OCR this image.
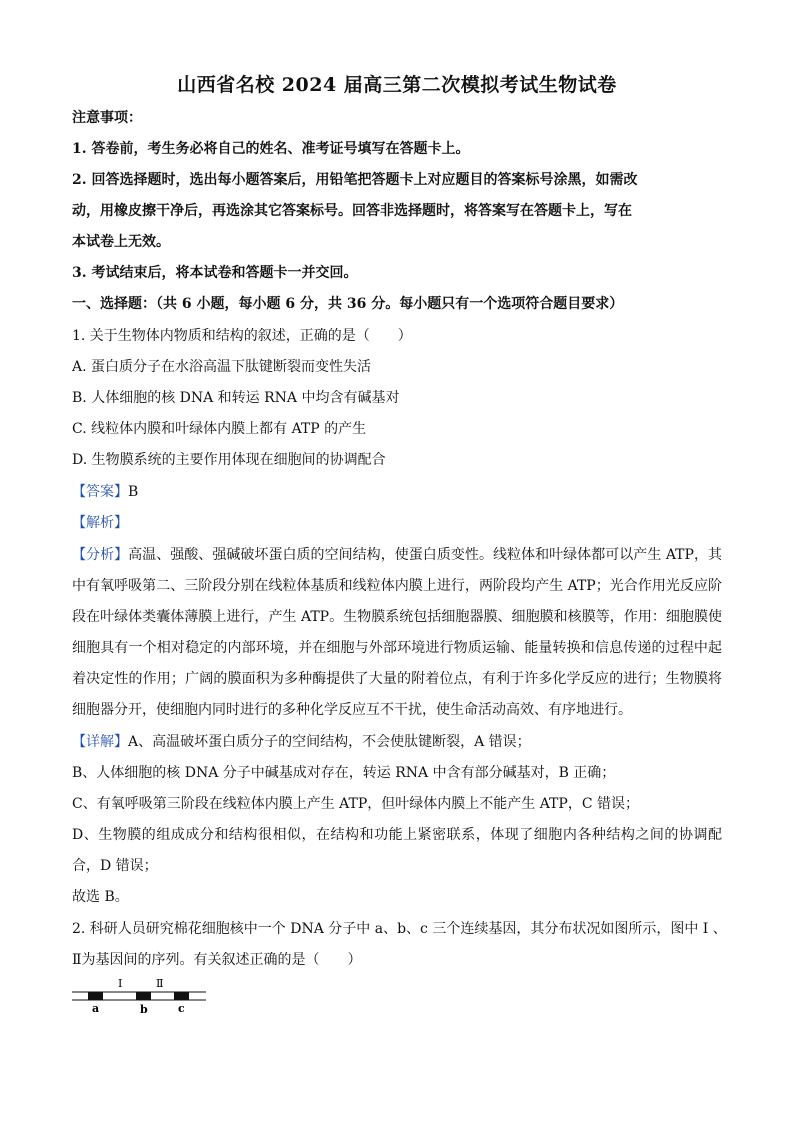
山西省名校 2024 届高三第二次模拟考试生物试卷
注意事项：
1. 答卷前，考生务必将自己的姓名、准考证号填写在答题卡上。
2. 回答选择题时，选出每小题答案后，用铅笔把答题卡上对应题目的答案标号涂黑，如需改
动，用橡皮擦干净后，再选涂其它答案标号。回答非选择题时，将答案写在答题卡上，写在
本试卷上无效。
3. 考试结束后，将本试卷和答题卡一并交回。
一、选择题：（共 6 小题，每小题 6 分，共 36 分。每小题只有一个选项符合题目要求）
1. 关于生物体内物质和结构的叙述，正确的是（　　）
A. 蛋白质分子在水浴高温下肽键断裂而变性失活
B. 人体细胞的核 DNA 和转运 RNA 中均含有碱基对
C. 线粒体内膜和叶绿体内膜上都有 ATP 的产生
D. 生物膜系统的主要作用体现在细胞间的协调配合
【答案】B
【解析】
【分析】高温、强酸、强碱破坏蛋白质的空间结构，使蛋白质变性。线粒体和叶绿体都可以产生 ATP，其
中有氧呼吸第二、三阶段分别在线粒体基质和线粒体内膜上进行，两阶段均产生 ATP；光合作用光反应阶
段在叶绿体类囊体薄膜上进行，产生 ATP。生物膜系统包括细胞器膜、细胞膜和核膜等，作用：细胞膜使
细胞具有一个相对稳定的内部环境，并在细胞与外部环境进行物质运输、能量转换和信息传递的过程中起
着决定性的作用；广阔的膜面积为多种酶提供了大量的附着位点，有利于许多化学反应的进行；生物膜将
细胞器分开，使细胞内同时进行的多种化学反应互不干扰，使生命活动高效、有序地进行。
【详解】A、高温破坏蛋白质分子的空间结构，不会使肽键断裂，A 错误；
B、人体细胞的核 DNA 分子中碱基成对存在，转运 RNA 中含有部分碱基对，B 正确；
C、有氧呼吸第三阶段在线粒体内膜上产生 ATP，但叶绿体内膜上不能产生 ATP，C 错误；
D、生物膜的组成成分和结构很相似，在结构和功能上紧密联系，体现了细胞内各种结构之间的协调配
合，D 错误；
故选 B。
2. 科研人员研究棉花细胞核中一个 DNA 分子中 a、b、c 三个连续基因，其分布状况如图所示，图中 Ⅰ 、
Ⅱ为基因间的序列。有关叙述正确的是（　　）
Ⅰ	Ⅱ
a	b	c
